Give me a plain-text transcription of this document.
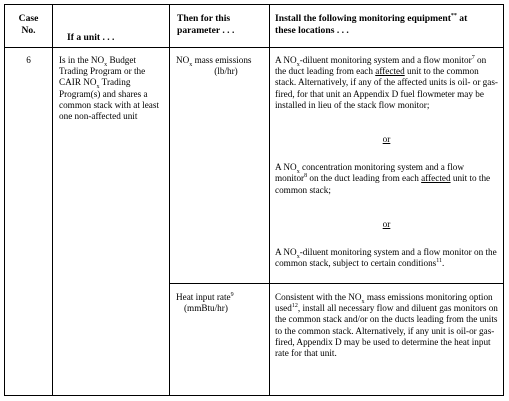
Case
No.
If a unit . . .
Then for this
parameter . . .
Install the following monitoring equipment** at
these locations . . .
6	Is in the $NO_x$ Budget Trading Program or the CAIR $NO_x$ Trading Program(s) and shares a common stack with at least one non-affected unit
$NO_x$ mass emissions
(lb/hr)
Heat input rate$^9$
(mmBtu/hr)

A $NO_x$-diluent monitoring system and a flow monitor$^7$ on the duct leading from each affected unit to the common stack. Alternatively, if any of the affected units is oil- or gas-fired, for that unit an Appendix D fuel flowmeter may be installed in lieu of the stack flow monitor;

or

A $NO_x$ concentration monitoring system and a flow monitor$^8$ on the duct leading from each affected unit to the common stack;

or

A $NO_x$-diluent monitoring system and a flow monitor on the common stack, subject to certain conditions$^{11}$.

Consistent with the $NO_x$ mass emissions monitoring option used$^{12}$, install all necessary flow and diluent gas monitors on the common stack and/or on the ducts leading from the units to the common stack. Alternatively, if any unit is oil-or gas-fired, Appendix D may be used to determine the heat input rate for that unit.
